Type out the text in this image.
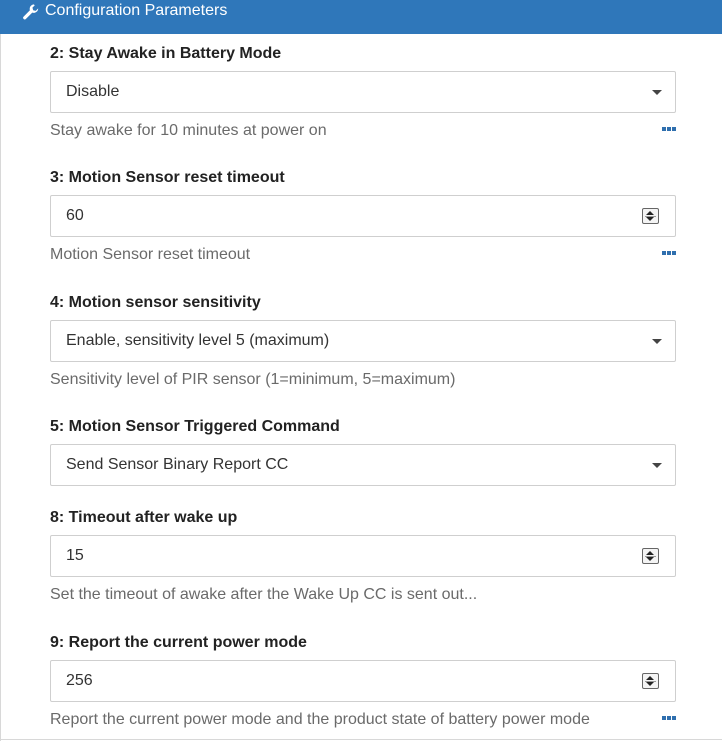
Configuration Parameters
2: Stay Awake in Battery Mode
Disable
Stay awake for 10 minutes at power on
3: Motion Sensor reset timeout
60
Motion Sensor reset timeout
4: Motion sensor sensitivity
Enable, sensitivity level 5 (maximum)
Sensitivity level of PIR sensor (1=minimum, 5=maximum)
5: Motion Sensor Triggered Command
Send Sensor Binary Report CC
8: Timeout after wake up
15
Set the timeout of awake after the Wake Up CC is sent out...
9: Report the current power mode
256
Report the current power mode and the product state of battery power mode
